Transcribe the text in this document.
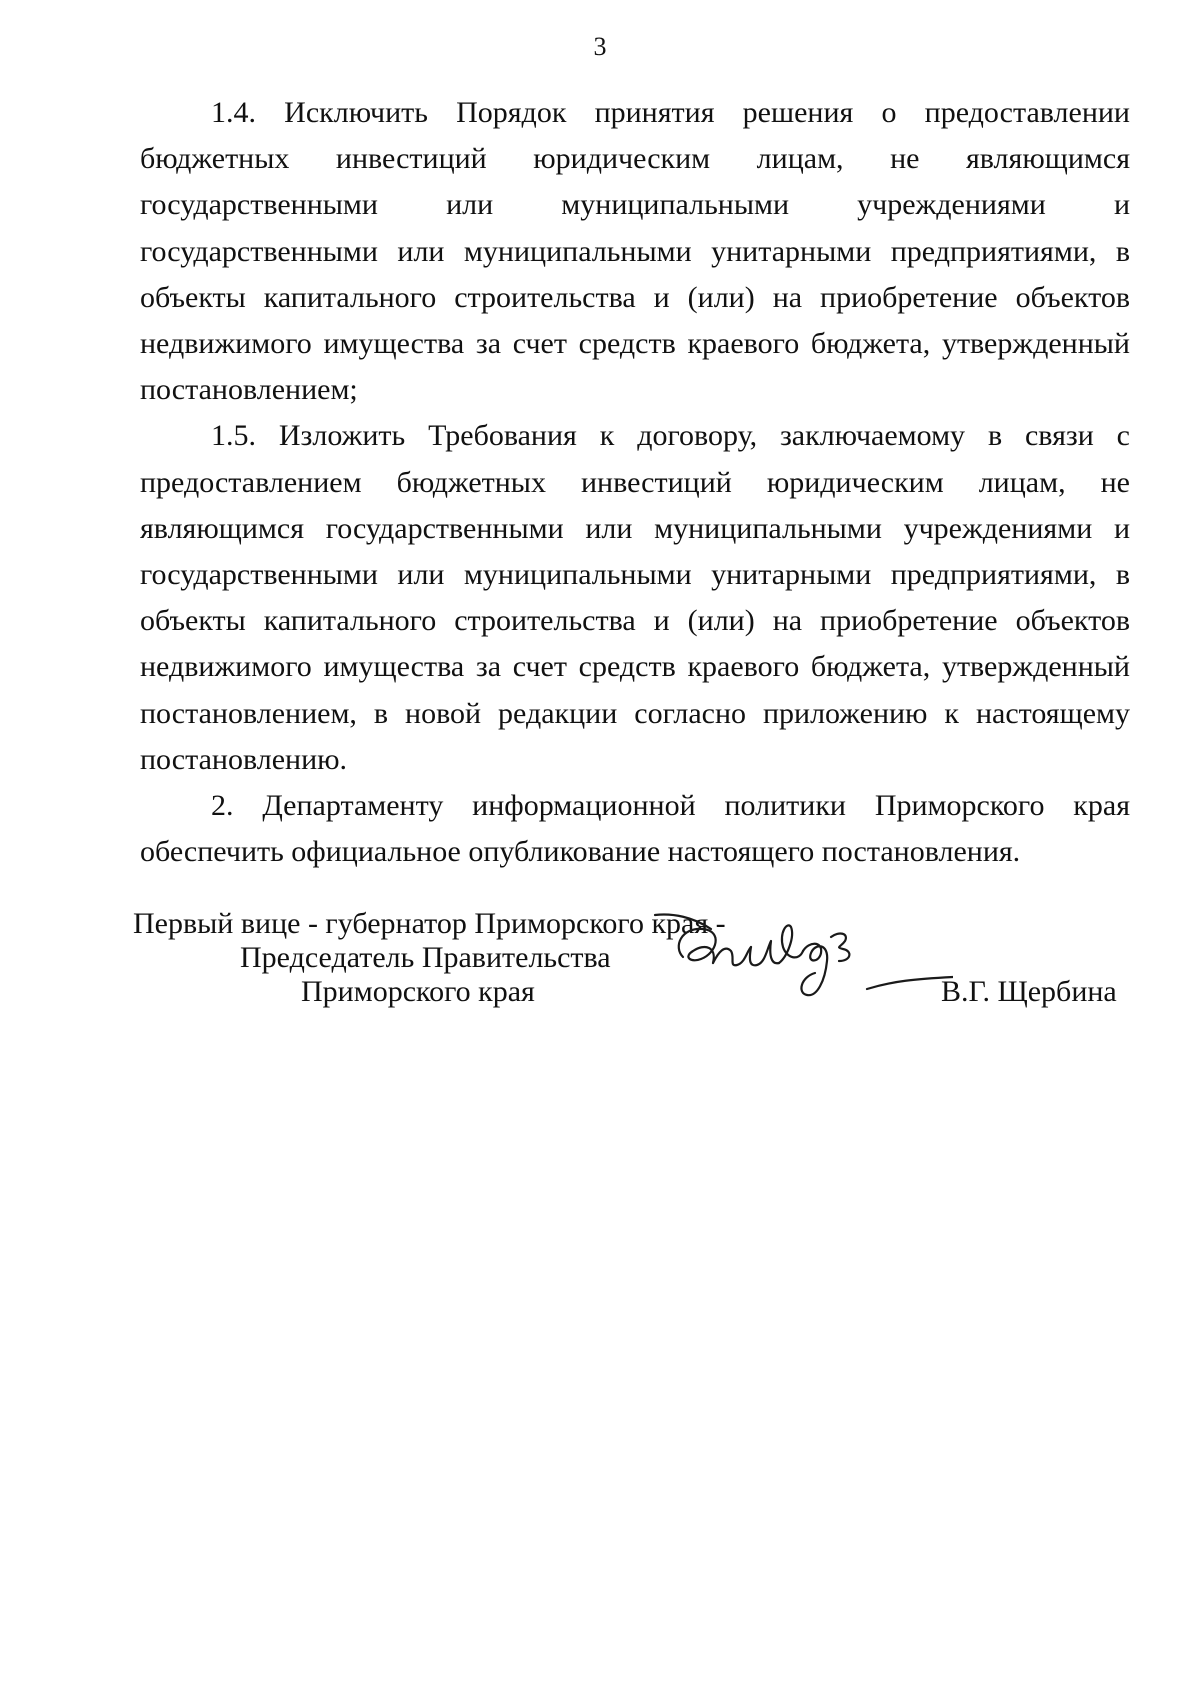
3

1.4. Исключить Порядок принятия решения о предоставлении бюджетных инвестиций юридическим лицам, не являющимся государственными или муниципальными учреждениями и государственными или муниципальными унитарными предприятиями, в объекты капитального строительства и (или) на приобретение объектов недвижимого имущества за счет средств краевого бюджета, утвержденный постановлением;

1.5. Изложить Требования к договору, заключаемому в связи с предоставлением бюджетных инвестиций юридическим лицам, не являющимся государственными или муниципальными учреждениями и государственными или муниципальными унитарными предприятиями, в объекты капитального строительства и (или) на приобретение объектов недвижимого имущества за счет средств краевого бюджета, утвержденный постановлением, в новой редакции согласно приложению к настоящему постановлению.

2. Департаменту информационной политики Приморского края обеспечить официальное опубликование настоящего постановления.

Первый вице - губернатор Приморского края -
Председатель Правительства
Приморского края	В.Г. Щербина
